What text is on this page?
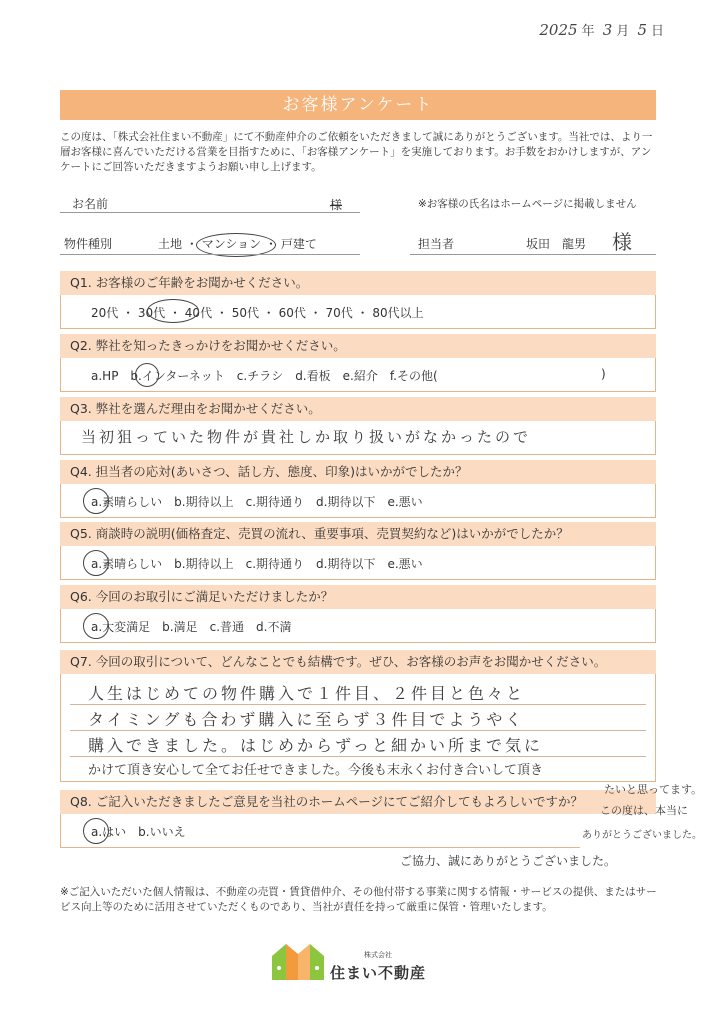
2025 年 3 月 5 日
お客様アンケート
この度は、「株式会社住まい不動産」にて不動産仲介のご依頼をいただきまして誠にありがとうございます。当社では、より一層お客様に喜んでいただける営業を目指すために、「お客様アンケート」を実施しております。お手数をおかけしますが、アンケートにご回答いただきますようお願い申し上げます。
お名前	様	※お客様の氏名はホームページに掲載しません
物件種別	土地 ・ マンション ・ 戸建て	担当者	坂田　龍男 様
Q1. お客様のご年齢をお聞かせください。
20代 ・ 30代 ・ 40代 ・ 50代 ・ 60代 ・ 70代 ・ 80代以上
Q2. 弊社を知ったきっかけをお聞かせください。
a.HP　b.インターネット　c.チラシ　d.看板　e.紹介　f.その他(	)
Q3. 弊社を選んだ理由をお聞かせください。
当初狙っていた物件が貴社しか取り扱いがなかったので
Q4. 担当者の応対(あいさつ、話し方、態度、印象)はいかがでしたか？
a.素晴らしい　b.期待以上　c.期待通り　d.期待以下　e.悪い
Q5. 商談時の説明(価格査定、売買の流れ、重要事項、売買契約など)はいかがでしたか？
a.素晴らしい　b.期待以上　c.期待通り　d.期待以下　e.悪い
Q6. 今回のお取引にご満足いただけましたか？
a.大変満足　b.満足　c.普通　d.不満
Q7. 今回の取引について、どんなことでも結構です。ぜひ、お客様のお声をお聞かせください。
人生はじめての物件購入で１件目、２件目と色々と
タイミングも合わず購入に至らず３件目でようやく
購入できました。はじめからずっと細かい所まで気に
かけて頂き安心して全てお任せできました。今後も末永くお付き合いして頂き
Q8. ご記入いただきましたご意見を当社のホームページにてご紹介してもよろしいですか？
a.はい　b.いいえ
たいと思ってます。
この度は、本当に
ありがとうございました。
ご協力、誠にありがとうございました。
※ご記入いただいた個人情報は、不動産の売買・賃貸借仲介、その他付帯する事業に関する情報・サービスの提供、またはサービス向上等のために活用させていただくものであり、当社が責任を持って厳重に保管・管理いたします。
株式会社
住まい不動産
